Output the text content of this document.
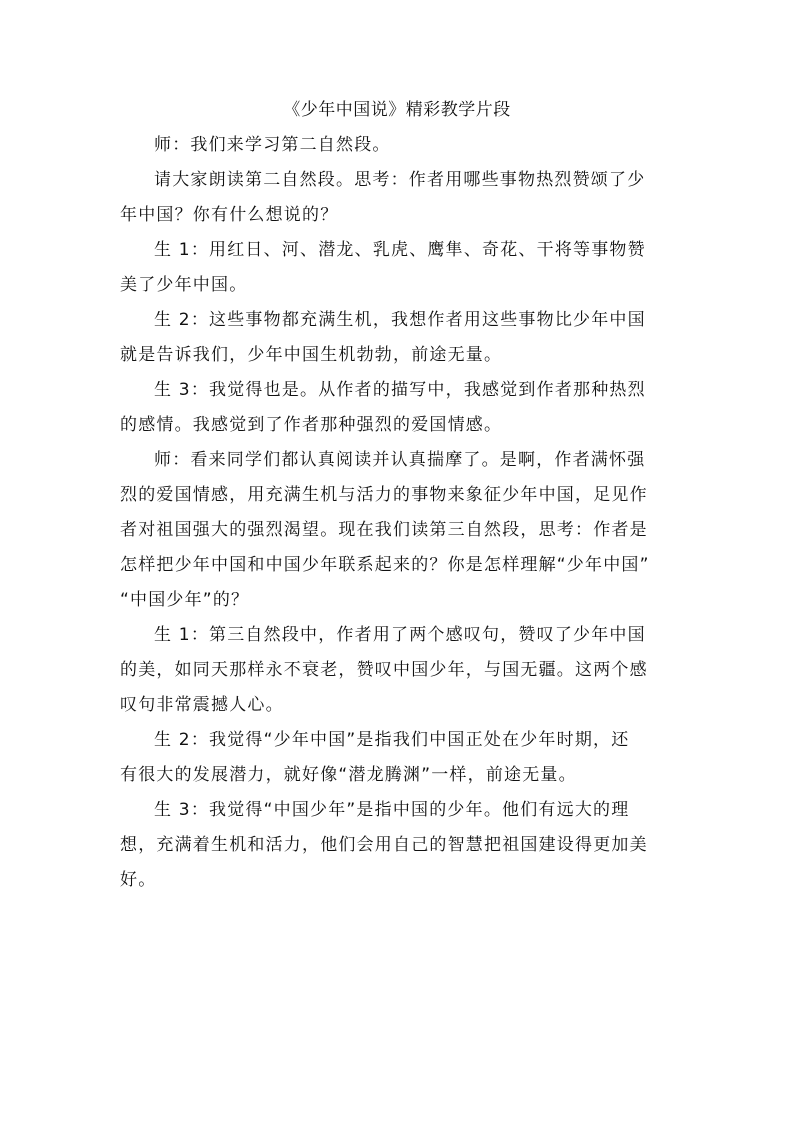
《少年中国说》精彩教学片段

师：我们来学习第二自然段。

请大家朗读第二自然段。思考：作者用哪些事物热烈赞颂了少
年中国？你有什么想说的？

生 1：用红日、河、潜龙、乳虎、鹰隼、奇花、干将等事物赞
美了少年中国。

生 2：这些事物都充满生机，我想作者用这些事物比少年中国
就是告诉我们，少年中国生机勃勃，前途无量。

生 3：我觉得也是。从作者的描写中，我感觉到作者那种热烈
的感情。我感觉到了作者那种强烈的爱国情感。

师：看来同学们都认真阅读并认真揣摩了。是啊，作者满怀强
烈的爱国情感，用充满生机与活力的事物来象征少年中国，足见作
者对祖国强大的强烈渴望。现在我们读第三自然段，思考：作者是
怎样把少年中国和中国少年联系起来的？你是怎样理解“少年中国”
“中国少年”的？

生 1：第三自然段中，作者用了两个感叹句，赞叹了少年中国
的美，如同天那样永不衰老，赞叹中国少年，与国无疆。这两个感
叹句非常震撼人心。

生 2：我觉得“少年中国”是指我们中国正处在少年时期，还
有很大的发展潜力，就好像“潜龙腾渊”一样，前途无量。

生 3：我觉得“中国少年”是指中国的少年。他们有远大的理
想，充满着生机和活力，他们会用自己的智慧把祖国建设得更加美
好。
